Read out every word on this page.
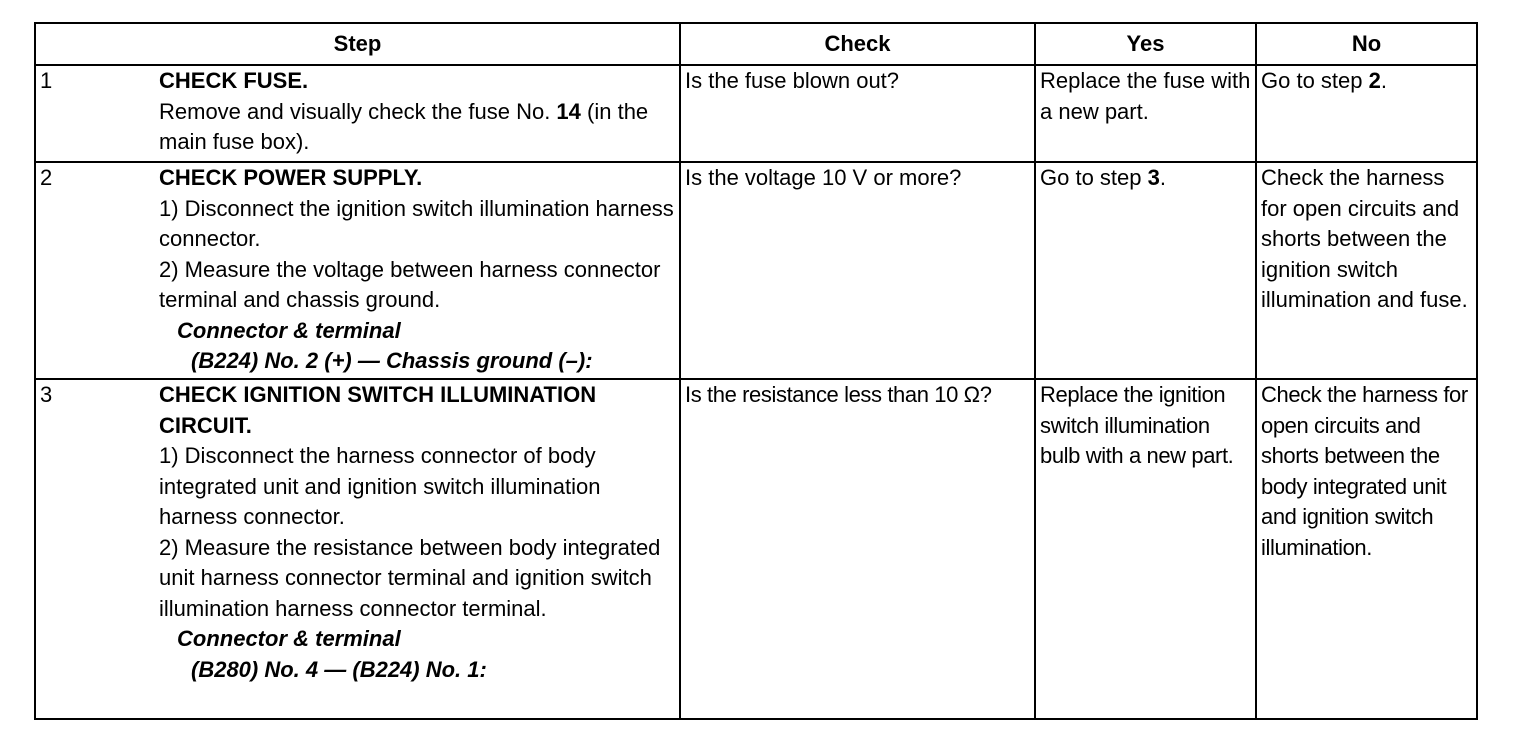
Step		Check	Yes	No
1	CHECK FUSE.
Remove and visually check the fuse No. 14 (in the main fuse box).	Is the fuse blown out?	Replace the fuse with a new part.	Go to step 2.
2	CHECK POWER SUPPLY.
1) Disconnect the ignition switch illumination harness connector.
2) Measure the voltage between harness connector terminal and chassis ground.
Connector & terminal
(B224) No. 2 (+) — Chassis ground (–):	Is the voltage 10 V or more?	Go to step 3.	Check the harness for open circuits and shorts between the ignition switch illumination and fuse.
3	CHECK IGNITION SWITCH ILLUMINATION CIRCUIT.
1) Disconnect the harness connector of body integrated unit and ignition switch illumination harness connector.
2) Measure the resistance between body integrated unit harness connector terminal and ignition switch illumination harness connector terminal.
Connector & terminal
(B280) No. 4 — (B224) No. 1:	Is the resistance less than 10 Ω?	Replace the ignition switch illumination bulb with a new part.	Check the harness for open circuits and shorts between the body integrated unit and ignition switch illumination.
